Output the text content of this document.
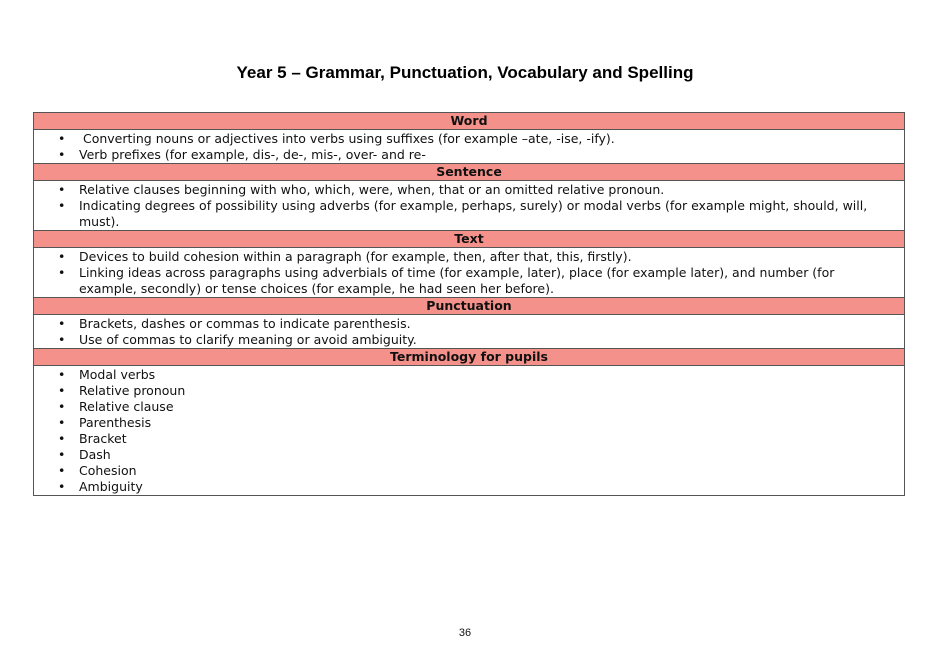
Year 5 – Grammar, Punctuation, Vocabulary and Spelling
Word
•  Converting nouns or adjectives into verbs using suffixes (for example –ate, -ise, -ify).
• Verb prefixes (for example, dis-, de-, mis-, over- and re-
Sentence
• Relative clauses beginning with who, which, were, when, that or an omitted relative pronoun.
• Indicating degrees of possibility using adverbs (for example, perhaps, surely) or modal verbs (for example might, should, will, must).
Text
• Devices to build cohesion within a paragraph (for example, then, after that, this, firstly).
• Linking ideas across paragraphs using adverbials of time (for example, later), place (for example later), and number (for example, secondly) or tense choices (for example, he had seen her before).
Punctuation
• Brackets, dashes or commas to indicate parenthesis.
• Use of commas to clarify meaning or avoid ambiguity.
Terminology for pupils
• Modal verbs
• Relative pronoun
• Relative clause
• Parenthesis
• Bracket
• Dash
• Cohesion
• Ambiguity
36
